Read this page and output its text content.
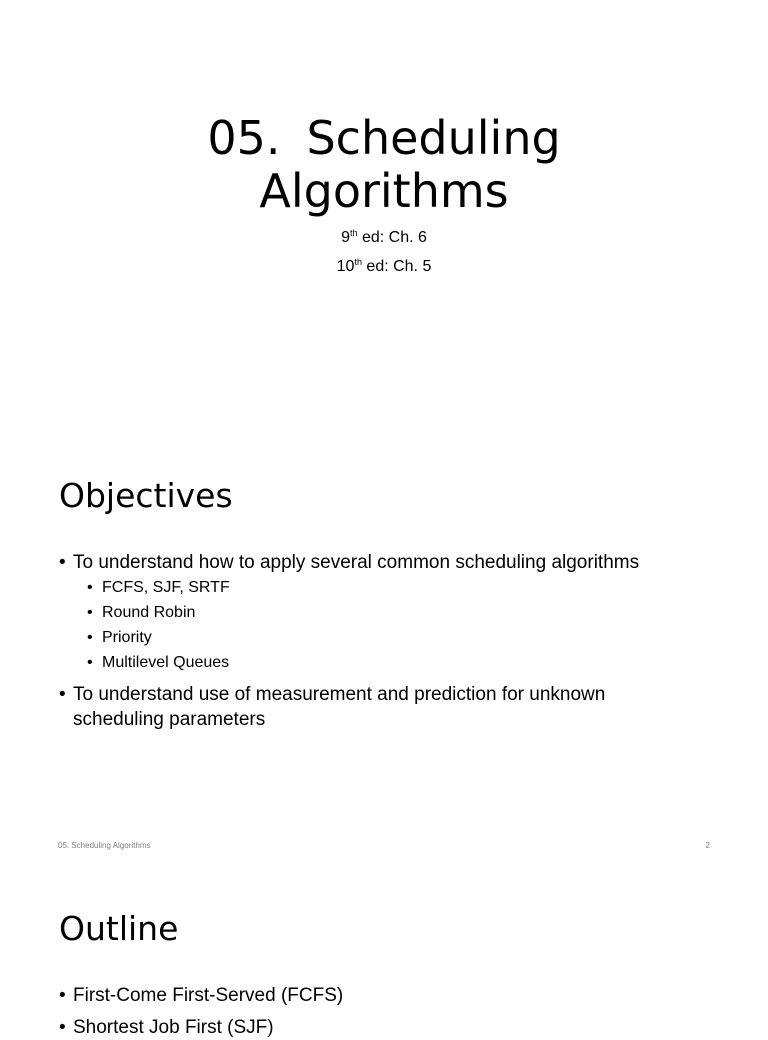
05. Scheduling
Algorithms
9th ed: Ch. 6
10th ed: Ch. 5
Objectives
• To understand how to apply several common scheduling algorithms
• FCFS, SJF, SRTF
• Round Robin
• Priority
• Multilevel Queues
• To understand use of measurement and prediction for unknown scheduling parameters
05. Scheduling Algorithms	2
Outline
• First-Come First-Served (FCFS)
• Shortest Job First (SJF)
